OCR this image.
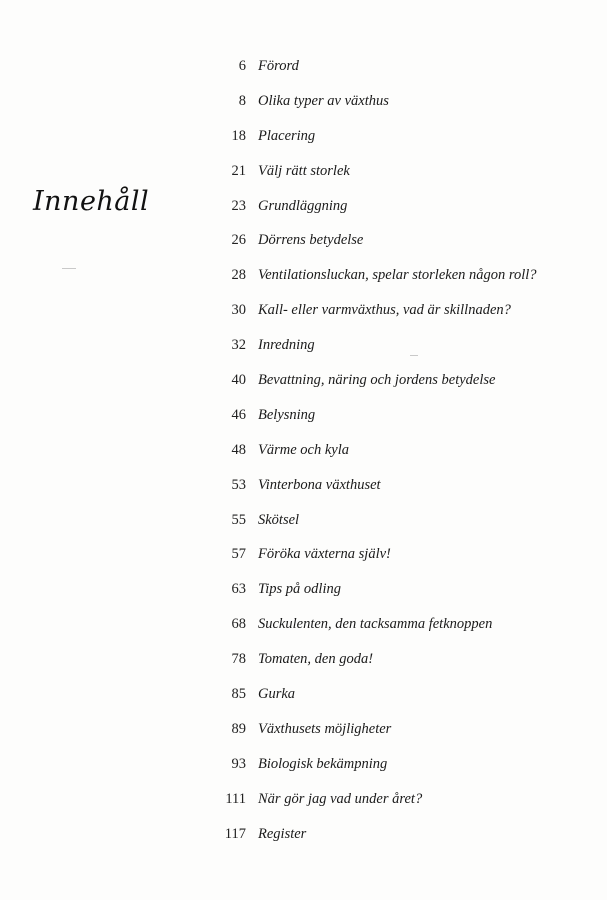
Innehåll
6 Förord
8 Olika typer av växthus
18 Placering
21 Välj rätt storlek
23 Grundläggning
26 Dörrens betydelse
28 Ventilationsluckan, spelar storleken någon roll?
30 Kall- eller varmväxthus, vad är skillnaden?
32 Inredning
40 Bevattning, näring och jordens betydelse
46 Belysning
48 Värme och kyla
53 Vinterbona växthuset
55 Skötsel
57 Föröka växterna själv!
63 Tips på odling
68 Suckulenten, den tacksamma fetknoppen
78 Tomaten, den goda!
85 Gurka
89 Växthusets möjligheter
93 Biologisk bekämpning
111 När gör jag vad under året?
117 Register
